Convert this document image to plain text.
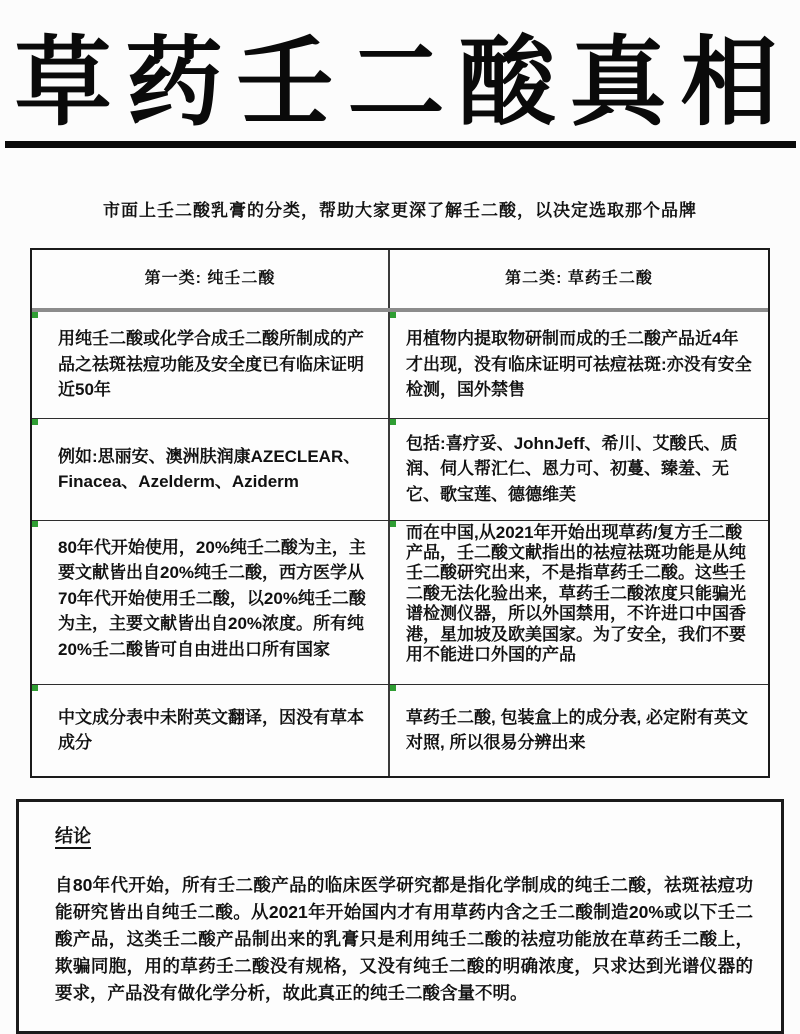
草药壬二酸真相
市面上壬二酸乳膏的分类，帮助大家更深了解壬二酸，以决定选取那个品牌
第一类: 纯壬二酸	第二类: 草药壬二酸
用纯壬二酸或化学合成壬二酸所制成的产品之祛斑祛痘功能及安全度已有临床证明近50年
用植物内提取物研制而成的壬二酸产品近4年才出现，没有临床证明可祛痘祛斑:亦没有安全检测，国外禁售
例如:思丽安、澳洲肤润康AZECLEAR、Finacea、Azelderm、Aziderm
包括:喜疗妥、JohnJeff、希川、艾酸氏、质润、伺人帮汇仁、恩力可、初蔓、臻羞、无它、歌宝莲、德德维芙
80年代开始使用，20%纯壬二酸为主，主要文献皆出自20%纯壬二酸，西方医学从70年代开始使用壬二酸，以20%纯壬二酸为主，主要文献皆出自20%浓度。所有纯20%壬二酸皆可自由进出口所有国家
而在中国,从2021年开始出现草药/复方壬二酸产品，壬二酸文献指出的祛痘祛斑功能是从纯壬二酸研究出来，不是指草药壬二酸。这些壬二酸无法化验出来，草药壬二酸浓度只能骗光谱检测仪器，所以外国禁用，不许进口中国香港，星加坡及欧美国家。为了安全，我们不要用不能进口外国的产品
中文成分表中未附英文翻译，因没有草本成分
草药壬二酸, 包装盒上的成分表, 必定附有英文对照, 所以很易分辨出来
结论
自80年代开始，所有壬二酸产品的临床医学研究都是指化学制成的纯壬二酸，祛斑祛痘功能研究皆出自纯壬二酸。从2021年开始国内才有用草药内含之壬二酸制造20%或以下壬二酸产品，这类壬二酸产品制出来的乳膏只是利用纯壬二酸的祛痘功能放在草药壬二酸上，欺骗同胞，用的草药壬二酸没有规格，又没有纯壬二酸的明确浓度，只求达到光谱仪器的要求，产品没有做化学分析，故此真正的纯壬二酸含量不明。
